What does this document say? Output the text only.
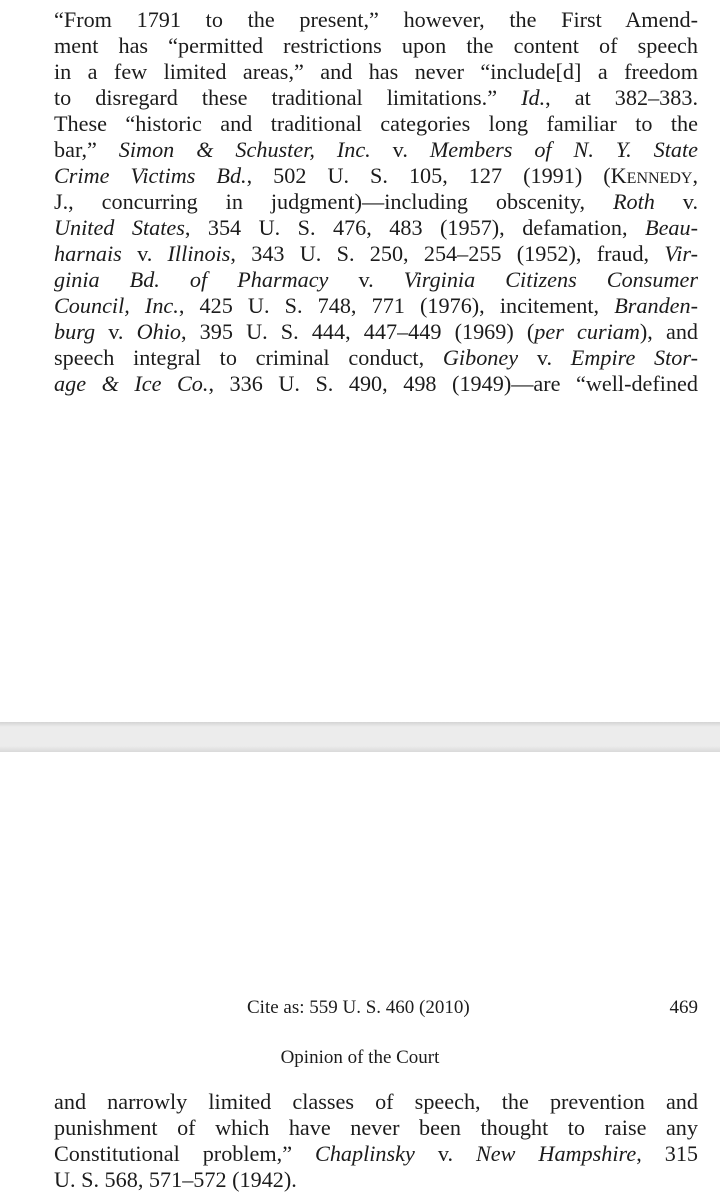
“From 1791 to the present,” however, the First Amend-
ment has “permitted restrictions upon the content of speech
in a few limited areas,” and has never “include[d] a freedom
to disregard these traditional limitations.” Id., at 382–383.
These “historic and traditional categories long familiar to the
bar,” Simon & Schuster, Inc. v. Members of N. Y. State
Crime Victims Bd., 502 U. S. 105, 127 (1991) (Kennedy,
J., concurring in judgment)—including obscenity, Roth v.
United States, 354 U. S. 476, 483 (1957), defamation, Beau-
harnais v. Illinois, 343 U. S. 250, 254–255 (1952), fraud, Vir-
ginia Bd. of Pharmacy v. Virginia Citizens Consumer
Council, Inc., 425 U. S. 748, 771 (1976), incitement, Branden-
burg v. Ohio, 395 U. S. 444, 447–449 (1969) (per curiam), and
speech integral to criminal conduct, Giboney v. Empire Stor-
age & Ice Co., 336 U. S. 490, 498 (1949)—are “well-defined
Cite as: 559 U. S. 460 (2010)	469
Opinion of the Court
and narrowly limited classes of speech, the prevention and
punishment of which have never been thought to raise any
Constitutional problem,” Chaplinsky v. New Hampshire, 315
U. S. 568, 571–572 (1942).
